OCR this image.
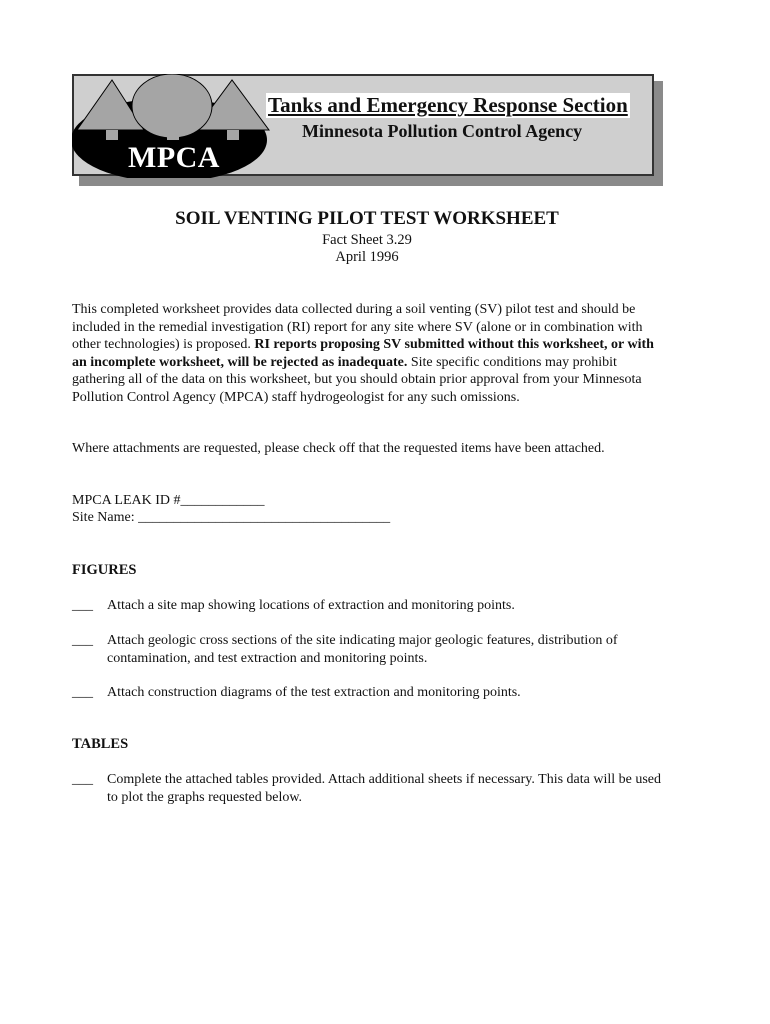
MPCA
Tanks and Emergency Response Section
Minnesota Pollution Control Agency
SOIL VENTING PILOT TEST WORKSHEET
Fact Sheet 3.29
April 1996
This completed worksheet provides data collected during a soil venting (SV) pilot test and should be included in the remedial investigation (RI) report for any site where SV (alone or in combination with other technologies) is proposed. RI reports proposing SV submitted without this worksheet, or with an incomplete worksheet, will be rejected as inadequate. Site specific conditions may prohibit gathering all of the data on this worksheet, but you should obtain prior approval from your Minnesota Pollution Control Agency (MPCA) staff hydrogeologist for any such omissions.
Where attachments are requested, please check off that the requested items have been attached.
MPCA LEAK ID #____________
Site Name: ____________________________________
FIGURES
___ Attach a site map showing locations of extraction and monitoring points.
___ Attach geologic cross sections of the site indicating major geologic features, distribution of contamination, and test extraction and monitoring points.
___ Attach construction diagrams of the test extraction and monitoring points.
TABLES
___ Complete the attached tables provided. Attach additional sheets if necessary. This data will be used to plot the graphs requested below.
